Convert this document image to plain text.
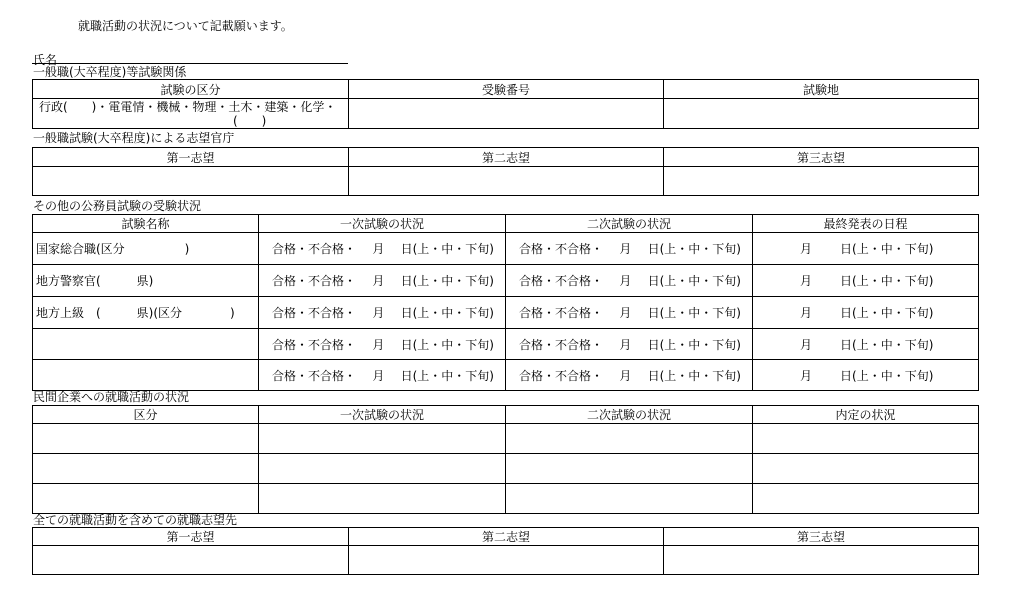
就職活動の状況について記載願います。
氏名
一般職(大卒程度)等試験関係
試験の区分	受験番号	試験地

行政(　　)・電電情・機械・物理・土木・建築・化学・
(　　)		

一般職試験(大卒程度)による志望官庁
第一志望	第二志望	第三志望

その他の公務員試験の受験状況
試験名称	一次試験の状況	二次試験の状況	最終発表の日程
国家総合職(区分　　　　　)	合格・不合格・ 月 日(上・中・下旬)	合格・不合格・ 月 日(上・中・下旬)	月 日(上・中・下旬)

地方警察官(　　　県)	合格・不合格・ 月 日(上・中・下旬)	合格・不合格・ 月 日(上・中・下旬)	月 日(上・中・下旬)

地方上級　(　　　県)(区分　　　　)	合格・不合格・ 月 日(上・中・下旬)	合格・不合格・ 月 日(上・中・下旬)	月 日(上・中・下旬)

	合格・不合格・ 月 日(上・中・下旬)	合格・不合格・ 月 日(上・中・下旬)	月 日(上・中・下旬)

	合格・不合格・ 月 日(上・中・下旬)	合格・不合格・ 月 日(上・中・下旬)	月 日(上・中・下旬)
民間企業への就職活動の状況
区分	一次試験の状況	二次試験の状況	内定の状況

全ての就職活動を含めての就職志望先
第一志望	第二志望	第三志望
